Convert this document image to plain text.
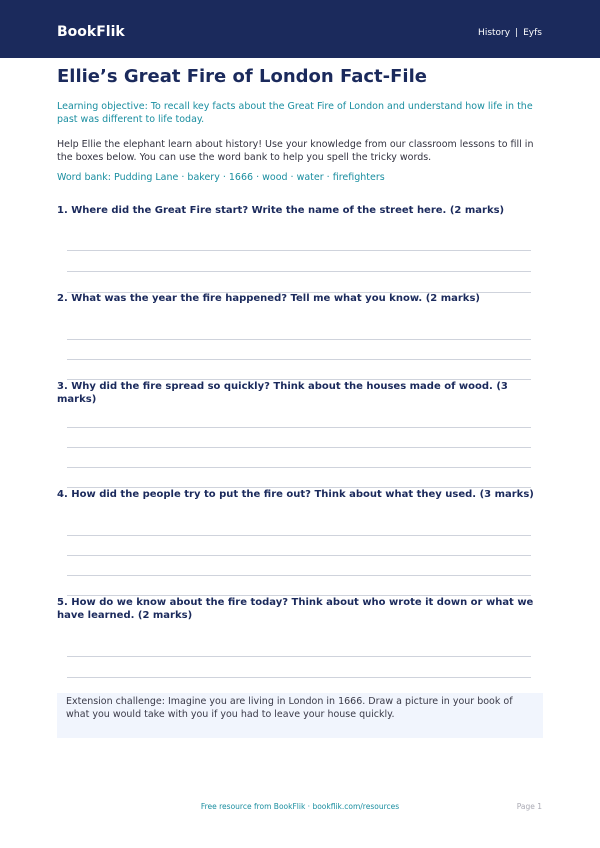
BookFlik	History | Eyfs
Ellie’s Great Fire of London Fact-File
Learning objective: To recall key facts about the Great Fire of London and understand how life in the past was different to life today.
Help Ellie the elephant learn about history! Use your knowledge from our classroom lessons to fill in the boxes below. You can use the word bank to help you spell the tricky words.
Word bank: Pudding Lane · bakery · 1666 · wood · water · firefighters
1. Where did the Great Fire start? Write the name of the street here. (2 marks)
2. What was the year the fire happened? Tell me what you know. (2 marks)
3. Why did the fire spread so quickly? Think about the houses made of wood. (3 marks)
4. How did the people try to put the fire out? Think about what they used. (3 marks)
5. How do we know about the fire today? Think about who wrote it down or what we have learned. (2 marks)
Extension challenge: Imagine you are living in London in 1666. Draw a picture in your book of what you would take with you if you had to leave your house quickly.
Free resource from BookFlik · bookflik.com/resources	Page 1
